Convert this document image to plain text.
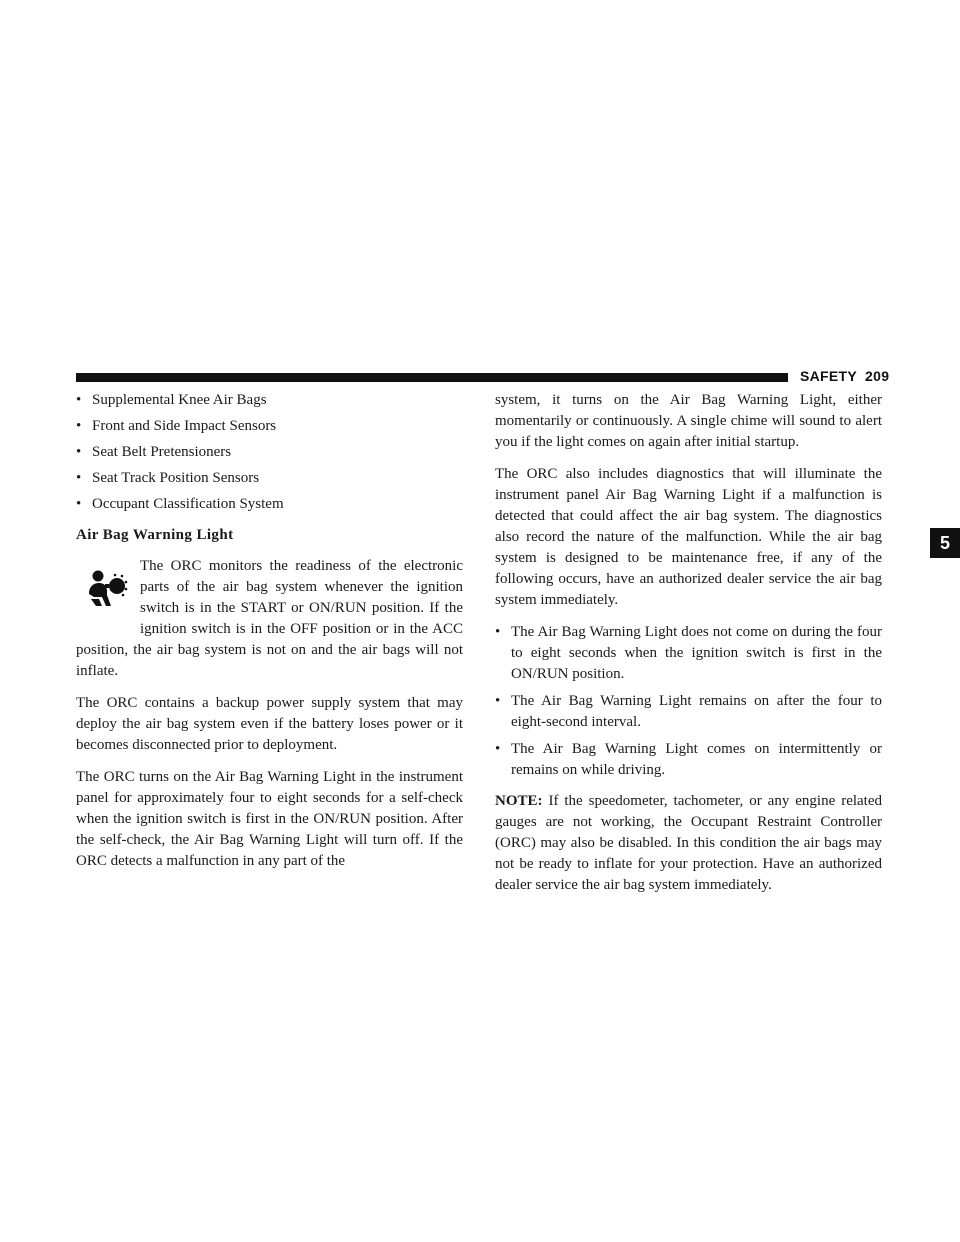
SAFETY 209
5
• Supplemental Knee Air Bags
• Front and Side Impact Sensors
• Seat Belt Pretensioners
• Seat Track Position Sensors
• Occupant Classification System
Air Bag Warning Light

The ORC monitors the readiness of the electronic parts of the air bag system whenever the ignition switch is in the START or ON/RUN position. If the ignition switch is in the OFF position or in the ACC position, the air bag system is not on and the air bags will not inflate.

The ORC contains a backup power supply system that may deploy the air bag system even if the battery loses power or it becomes disconnected prior to deployment.

The ORC turns on the Air Bag Warning Light in the instrument panel for approximately four to eight seconds for a self-check when the ignition switch is first in the ON/RUN position. After the self-check, the Air Bag Warning Light will turn off. If the ORC detects a malfunction in any part of the

system, it turns on the Air Bag Warning Light, either momentarily or continuously. A single chime will sound to alert you if the light comes on again after initial startup.

The ORC also includes diagnostics that will illuminate the instrument panel Air Bag Warning Light if a malfunction is detected that could affect the air bag system. The diagnostics also record the nature of the malfunction. While the air bag system is designed to be maintenance free, if any of the following occurs, have an authorized dealer service the air bag system immediately.

• The Air Bag Warning Light does not come on during the four to eight seconds when the ignition switch is first in the ON/RUN position.
• The Air Bag Warning Light remains on after the four to eight-second interval.
• The Air Bag Warning Light comes on intermittently or remains on while driving.

NOTE: If the speedometer, tachometer, or any engine related gauges are not working, the Occupant Restraint Controller (ORC) may also be disabled. In this condition the air bags may not be ready to inflate for your protection. Have an authorized dealer service the air bag system immediately.
